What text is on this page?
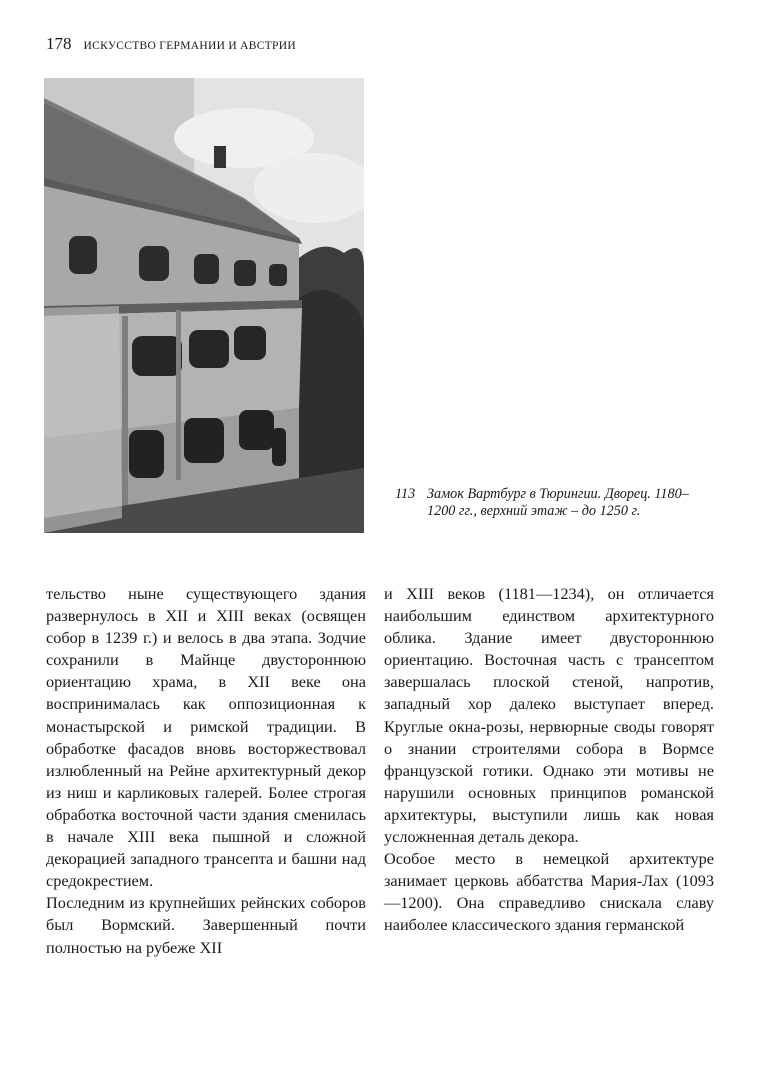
178 ИСКУССТВО ГЕРМАНИИ И АВСТРИИ
113 Замок Вартбург в Тюрингии. Дворец. 1180–1200 гг., верхний этаж – до 1250 г.

тельство ныне существующего здания развернулось в XII и XIII веках (освящен собор в 1239 г.) и велось в два этапа. Зодчие сохранили в Майнце двустороннюю ориентацию храма, в XII веке она воспринималась как оппозиционная к монастырской и римской традиции. В обработке фасадов вновь восторжествовал излюбленный на Рейне архитектурный декор из ниш и карликовых галерей. Более строгая обработка восточной части здания сменилась в начале XIII века пышной и сложной декорацией западного трансепта и башни над средокрестием.

Последним из крупнейших рейнских соборов был Вормский. Завершенный почти полностью на рубеже XII

и XIII веков (1181—1234), он отличается наибольшим единством архитектурного облика. Здание имеет двустороннюю ориентацию. Восточная часть с трансептом завершалась плоской стеной, напротив, западный хор далеко выступает вперед. Круглые окна-розы, нервюрные своды говорят о знании строителями собора в Вормсе французской готики. Однако эти мотивы не нарушили основных принципов романской архитектуры, выступили лишь как новая усложненная деталь декора.

Особое место в немецкой архитектуре занимает церковь аббатства Мария-Лах (1093—1200). Она справедливо снискала славу наиболее классического здания германской
